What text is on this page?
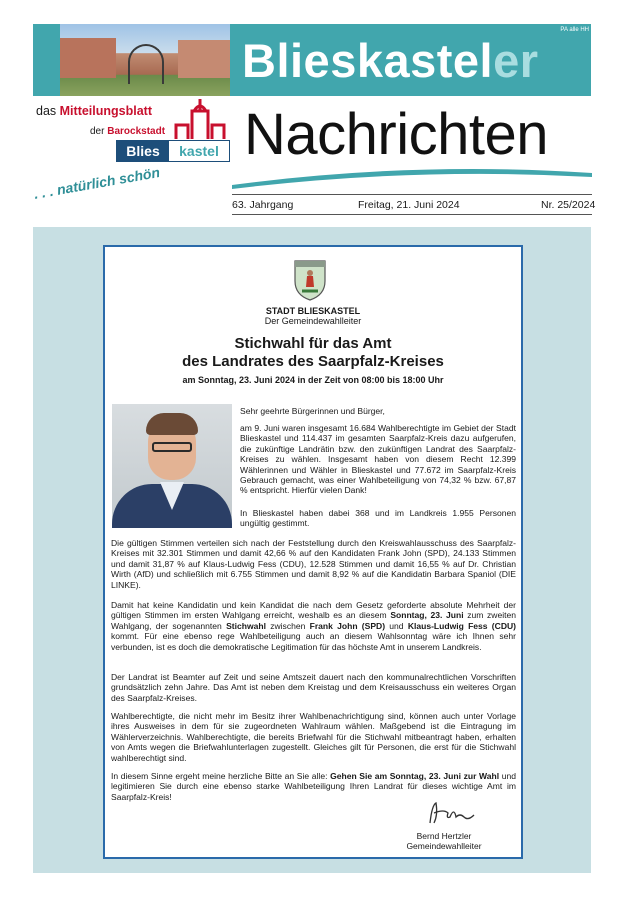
PA alle HH
Blieskasteler
Nachrichten
das Mitteilungsblatt
der Barockstadt
Blies	kastel
. . . natürlich schön
63. Jahrgang	Freitag, 21. Juni 2024	Nr. 25/2024
STADT BLIESKASTEL
Der Gemeindewahlleiter
Stichwahl für das Amt
des Landrates des Saarpfalz-Kreises
am Sonntag, 23. Juni 2024 in der Zeit von 08:00 bis 18:00 Uhr
Sehr geehrte Bürgerinnen und Bürger,
am 9. Juni waren insgesamt 16.684 Wahlberechtigte im Gebiet der Stadt Blieskastel und 114.437 im gesamten Saarpfalz-Kreis dazu aufgerufen, die zukünftige Landrätin bzw. den zukünftigen Landrat des Saarpfalz-Kreises zu wählen. Insgesamt haben von diesem Recht 12.399 Wählerinnen und Wähler in Blieskastel und 77.672 im Saarpfalz-Kreis Gebrauch gemacht, was einer Wahlbeteiligung von 74,32 % bzw. 67,87 % entspricht. Hierfür vielen Dank!
In Blieskastel haben dabei 368 und im Landkreis 1.955 Personen ungültig gestimmt.
Die gültigen Stimmen verteilen sich nach der Feststellung durch den Kreiswahlausschuss des Saarpfalz-Kreises mit 32.301 Stimmen und damit 42,66 % auf den Kandidaten Frank John (SPD), 24.133 Stimmen und damit 31,87 % auf Klaus-Ludwig Fess (CDU), 12.528 Stimmen und damit 16,55 % auf Dr. Christian Wirth (AfD) und schließlich mit 6.755 Stimmen und damit 8,92 % auf die Kandidatin Barbara Spaniol (DIE LINKE).
Damit hat keine Kandidatin und kein Kandidat die nach dem Gesetz geforderte absolute Mehrheit der gültigen Stimmen im ersten Wahlgang erreicht, weshalb es an diesem Sonntag, 23. Juni zum zweiten Wahlgang, der sogenannten Stichwahl zwischen Frank John (SPD) und Klaus-Ludwig Fess (CDU) kommt. Für eine ebenso rege Wahlbeteiligung auch an diesem Wahlsonntag wäre ich Ihnen sehr verbunden, ist es doch die demokratische Legitimation für das höchste Amt in unserem Landkreis.
Der Landrat ist Beamter auf Zeit und seine Amtszeit dauert nach den kommunalrechtlichen Vorschriften grundsätzlich zehn Jahre. Das Amt ist neben dem Kreistag und dem Kreisausschuss ein weiteres Organ des Saarpfalz-Kreises.
Wahlberechtigte, die nicht mehr im Besitz ihrer Wahlbenachrichtigung sind, können auch unter Vorlage ihres Ausweises in dem für sie zugeordneten Wahlraum wählen. Maßgebend ist die Eintragung im Wählerverzeichnis. Wahlberechtigte, die bereits Briefwahl für die Stichwahl mitbeantragt haben, erhalten von Amts wegen die Briefwahlunterlagen zugestellt. Gleiches gilt für Personen, die erst für die Stichwahl wahlberechtigt sind.
In diesem Sinne ergeht meine herzliche Bitte an Sie alle: Gehen Sie am Sonntag, 23. Juni zur Wahl und legitimieren Sie durch eine ebenso starke Wahlbeteiligung Ihren Landrat für dieses wichtige Amt im Saarpfalz-Kreis!
Bernd Hertzler
Gemeindewahlleiter
